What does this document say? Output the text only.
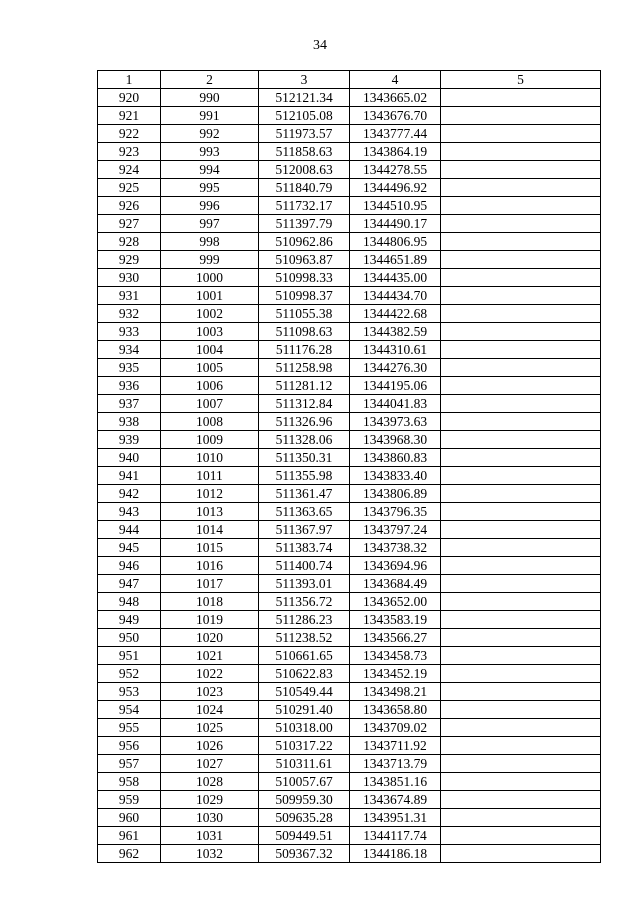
34
1	2	3	4	5
920	990	512121.34	1343665.02	
921	991	512105.08	1343676.70	
922	992	511973.57	1343777.44	
923	993	511858.63	1343864.19	
924	994	512008.63	1344278.55	
925	995	511840.79	1344496.92	
926	996	511732.17	1344510.95	
927	997	511397.79	1344490.17	
928	998	510962.86	1344806.95	
929	999	510963.87	1344651.89	
930	1000	510998.33	1344435.00	
931	1001	510998.37	1344434.70	
932	1002	511055.38	1344422.68	
933	1003	511098.63	1344382.59	
934	1004	511176.28	1344310.61	
935	1005	511258.98	1344276.30	
936	1006	511281.12	1344195.06	
937	1007	511312.84	1344041.83	
938	1008	511326.96	1343973.63	
939	1009	511328.06	1343968.30	
940	1010	511350.31	1343860.83	
941	1011	511355.98	1343833.40	
942	1012	511361.47	1343806.89	
943	1013	511363.65	1343796.35	
944	1014	511367.97	1343797.24	
945	1015	511383.74	1343738.32	
946	1016	511400.74	1343694.96	
947	1017	511393.01	1343684.49	
948	1018	511356.72	1343652.00	
949	1019	511286.23	1343583.19	
950	1020	511238.52	1343566.27	
951	1021	510661.65	1343458.73	
952	1022	510622.83	1343452.19	
953	1023	510549.44	1343498.21	
954	1024	510291.40	1343658.80	
955	1025	510318.00	1343709.02	
956	1026	510317.22	1343711.92	
957	1027	510311.61	1343713.79	
958	1028	510057.67	1343851.16	
959	1029	509959.30	1343674.89	
960	1030	509635.28	1343951.31	
961	1031	509449.51	1344117.74	
962	1032	509367.32	1344186.18	
